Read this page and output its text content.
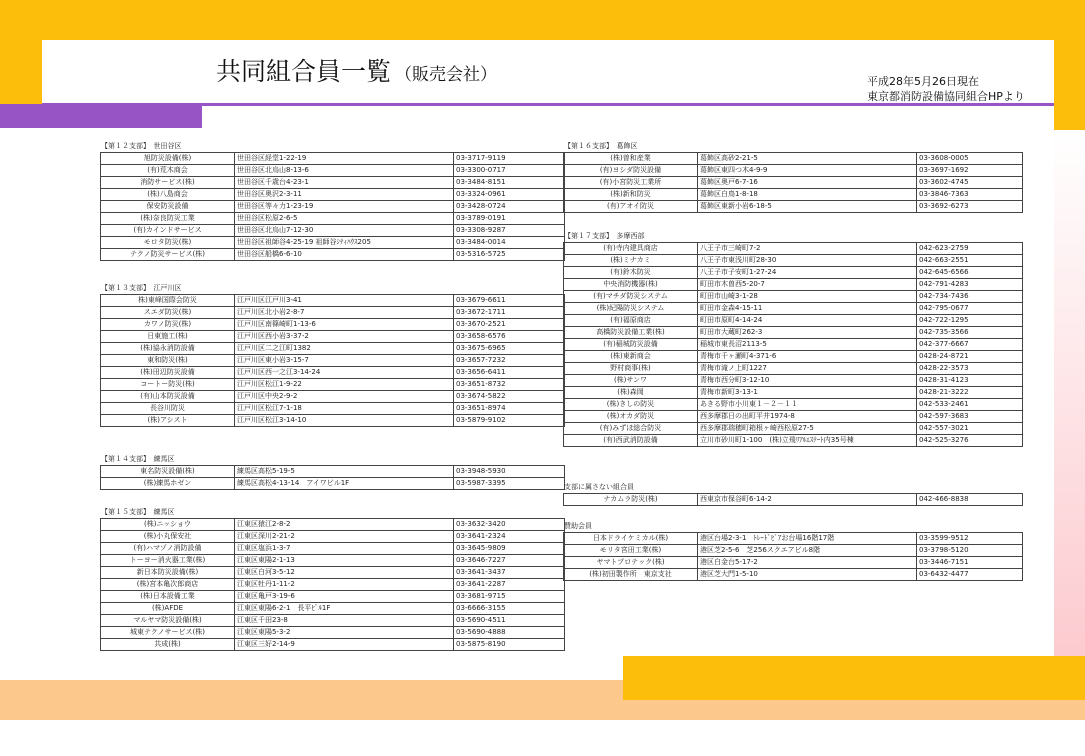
共同組合員一覧 （販売会社）	平成28年5月26日現在
東京都消防設備協同組合HPより
【第１２支部】　世田谷区
旭防災設備(株)	世田谷区経堂1-22-19	03-3717-9119
(有)荒木商会	世田谷区北烏山8-13-6	03-3300-0717
消防サービス(株)	世田谷区千歳台4-23-1	03-3484-8151
(株)八島商会	世田谷区奥沢2-3-11	03-3324-0961
保安防災設備	世田谷区等々力1-23-19	03-3428-0724
(株)奈良防災工業	世田谷区松原2-6-5	03-3789-0191
(有)カインドサービス	世田谷区北烏山7-12-30	03-3308-9287
モロタ防災(株)	世田谷区祖師谷4-25-19 祖師谷ｼﾃｨﾊｳｽ205	03-3484-0014
テクノ防災サービス(株)	世田谷区船橋6-6-10	03-5316-5725
【第１３支部】　江戸川区
株)東峰国際会防災	江戸川区江戸川3-41	03-3679-6611
スエダ防災(株)	江戸川区北小岩2-8-7	03-3672-1711
カワノ防災(株)	江戸川区南篠崎町1-13-6	03-3670-2521
日東施工(株)	江戸川区西小岩3-37-2	03-3658-6576
(株)協永消防設備	江戸川区二之江町1382	03-3675-6965
東和防災(株)	江戸川区東小岩3-15-7	03-3657-7232
(株)田辺防災設備	江戸川区西一之江3-14-24	03-3656-6411
コートー防災(株)	江戸川区松江1-9-22	03-3651-8732
(有)山本防災設備	江戸川区中央2-9-2	03-3674-5822
長谷川防災	江戸川区松江7-1-18	03-3651-8974
(株)アシスト	江戸川区松江3-14-10	03-5879-9102
【第１４支部】　練馬区
東名防災設備(株)	練馬区高松5-19-5	03-3948-5930
(株)練馬ホゼン	練馬区高松4-13-14　アイワビル1F	03-5987-3395
【第１５支部】　練馬区
(株)ニッショウ	江東区猿江2-8-2	03-3632-3420
(株)小丸保安社	江東区深川2-21-2	03-3641-2324
(有)ハマゾノ消防設備	江東区塩浜1-3-7	03-3645-9809
トーヨー消火器工業(株)	江東区東陽2-1-13	03-3646-7227
新日本防災設備(株)	江東区白河3-5-12	03-3641-3437
(株)宮本亀次郎商店	江東区牡丹1-11-2	03-3641-2287
(株)日本設備工業	江東区亀戸3-19-6	03-3681-9715
(株)AFDE	江東区東陽6-2-1　長平ﾋﾞﾙ1F	03-6666-3155
マルヤマ防災設備(株)	江東区千田23-8	03-5690-4511
城東テクノサービス(株)	江東区東陽5-3-2	03-5690-4888
共成(株)	江東区三好2-14-9	03-5875-8190
【第１６支部】　葛飾区
(株)曽和産業	葛飾区高砂2-21-5	03-3608-0005
(有)ヨシダ防災設備	葛飾区東四つ木4-9-9	03-3697-1692
(有)小宮防災工業所	葛飾区奥戸6-7-16	03-3602-4745
(株)新和防災	葛飾区白鳥1-8-18	03-3846-7363
(有)アオイ防災	葛飾区東新小岩6-18-5	03-3692-6273
【第１７支部】　多摩西部
(有)寺内建具商店	八王子市三崎町7-2	042-623-2759
(株)ミナカミ	八王子市東浅川町28-30	042-663-2551
(有)鈴木防災	八王子市子安町1-27-24	042-645-6566
中央消防機器(株)	町田市木曽西5-20-7	042-791-4283
(有)マチダ防災システム	町田市山崎3-1-28	042-734-7436
(株)紀陽防災システム	町田市金森4-15-11	042-795-0677
(有)福原商店	町田市原町4-14-24	042-722-1295
高橋防災設備工業(株)	町田市大蔵町262-3	042-735-3566
(有)稲城防災設備	稲城市東長沼2113-5	042-377-6667
(株)東新商会	青梅市千ヶ瀬町4-371-6	0428-24-8721
野村商事(株)	青梅市滝ノ上町1227	0428-22-3573
(株)サンワ	青梅市西分町3-12-10	0428-31-4123
(株)森岡	青梅市新町3-13-1	0428-21-3222
(株)きしの防災	あきる野市小川東１－２－１１	042-533-2461
(株)オカダ防災	西多摩郡日の出町平井1974-8	042-597-3683
(有)みずほ総合防災	西多摩郡瑞穂町箱根ヶ崎西松原27-5	042-557-3021
(有)西武消防設備	立川市砂川町1-100　(株)立飛ﾘｱﾙｴｽﾃｰﾄ内35号棟	042-525-3276
支部に属さない組合員
ナカムラ防災(株)	西東京市保谷町6-14-2	042-466-8838
賛助会員
日本ドライケミカル(株)	港区台場2-3-1　ﾄﾚｰﾄﾞﾋﾟｱお台場16階17階	03-3599-9512
モリタ宮田工業(株)	港区芝2-5-6　芝256スクエアビル8階	03-3798-5120
ヤマトプロテック(株)	港区白金台5-17-2	03-3446-7151
(株)初田製作所　東京支社	港区芝大門1-5-10	03-6432-4477
